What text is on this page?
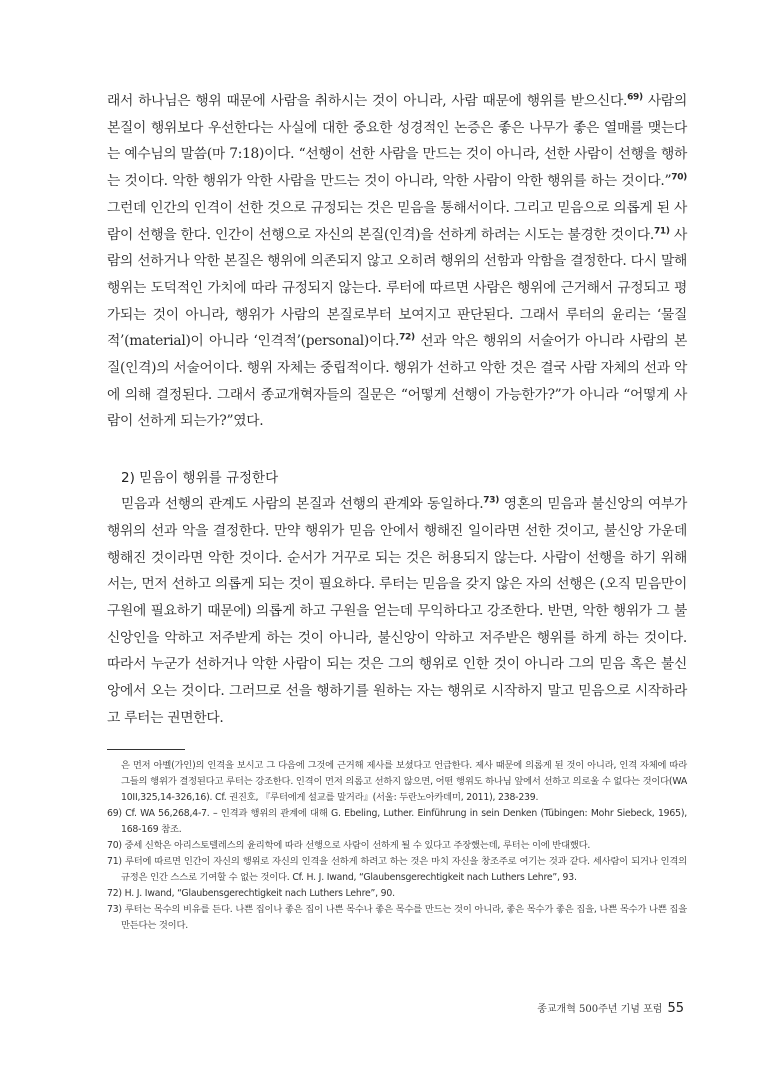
래서 하나님은 행위 때문에 사람을 취하시는 것이 아니라, 사람 때문에 행위를 받으신다.$^{69)}$ 사람의 본질이 행위보다 우선한다는 사실에 대한 중요한 성경적인 논증은 좋은 나무가 좋은 열매를 맺는다는 예수님의 말씀(마 7:18)이다. “선행이 선한 사람을 만드는 것이 아니라, 선한 사람이 선행을 행하는 것이다. 악한 행위가 악한 사람을 만드는 것이 아니라, 악한 사람이 악한 행위를 하는 것이다.”$^{70)}$ 그런데 인간의 인격이 선한 것으로 규정되는 것은 믿음을 통해서이다. 그리고 믿음으로 의롭게 된 사람이 선행을 한다. 인간이 선행으로 자신의 본질(인격)을 선하게 하려는 시도는 불경한 것이다.$^{71)}$ 사람의 선하거나 악한 본질은 행위에 의존되지 않고 오히려 행위의 선함과 악함을 결정한다. 다시 말해 행위는 도덕적인 가치에 따라 규정되지 않는다. 루터에 따르면 사람은 행위에 근거해서 규정되고 평가되는 것이 아니라, 행위가 사람의 본질로부터 보여지고 판단된다. 그래서 루터의 윤리는 ‘물질적’(material)이 아니라 ‘인격적’(personal)이다.$^{72)}$ 선과 악은 행위의 서술어가 아니라 사람의 본질(인격)의 서술어이다. 행위 자체는 중립적이다. 행위가 선하고 악한 것은 결국 사람 자체의 선과 악에 의해 결정된다. 그래서 종교개혁자들의 질문은 “어떻게 선행이 가능한가?”가 아니라 “어떻게 사람이 선하게 되는가?”였다.

2) 믿음이 행위를 규정한다

믿음과 선행의 관계도 사람의 본질과 선행의 관계와 동일하다.$^{73)}$ 영혼의 믿음과 불신앙의 여부가 행위의 선과 악을 결정한다. 만약 행위가 믿음 안에서 행해진 일이라면 선한 것이고, 불신앙 가운데 행해진 것이라면 악한 것이다. 순서가 거꾸로 되는 것은 허용되지 않는다. 사람이 선행을 하기 위해서는, 먼저 선하고 의롭게 되는 것이 필요하다. 루터는 믿음을 갖지 않은 자의 선행은 (오직 믿음만이 구원에 필요하기 때문에) 의롭게 하고 구원을 얻는데 무익하다고 강조한다. 반면, 악한 행위가 그 불신앙인을 악하고 저주받게 하는 것이 아니라, 불신앙이 악하고 저주받은 행위를 하게 하는 것이다. 따라서 누군가 선하거나 악한 사람이 되는 것은 그의 행위로 인한 것이 아니라 그의 믿음 혹은 불신앙에서 오는 것이다. 그러므로 선을 행하기를 원하는 자는 행위로 시작하지 말고 믿음으로 시작하라고 루터는 권면한다.

은 먼저 아벨(가인)의 인격을 보시고 그 다음에 그것에 근거해 제사를 보셨다고 언급한다. 제사 때문에 의롭게 된 것이 아니라, 인격 자체에 따라 그들의 행위가 결정된다고 루터는 강조한다. 인격이 먼저 의롭고 선하지 않으면, 어떤 행위도 하나님 앞에서 선하고 의로울 수 없다는 것이다(WA 10II,325,14-326,16). Cf. 권진호, 『루터에게 설교를 말거라』(서울: 두란노아카데미, 2011), 238-239.

69) Cf. WA 56,268,4-7. – 인격과 행위의 관계에 대해 G. Ebeling, Luther. Einführung in sein Denken (Tübingen: Mohr Siebeck, 1965), 168-169 참조.

70) 중세 신학은 아리스토텔레스의 윤리학에 따라 선행으로 사람이 선하게 될 수 있다고 주장했는데, 루터는 이에 반대했다.

71) 루터에 따르면 인간이 자신의 행위로 자신의 인격을 선하게 하려고 하는 것은 마치 자신을 창조주로 여기는 것과 같다. 세사람이 되거나 인격의 규정은 인간 스스로 기여할 수 없는 것이다. Cf. H. J. Iwand, “Glaubensgerechtigkeit nach Luthers Lehre”, 93.

72) H. J. Iwand, “Glaubensgerechtigkeit nach Luthers Lehre”, 90.

73) 루터는 목수의 비유를 든다. 나쁜 집이나 좋은 집이 나쁜 목수나 좋은 목수를 만드는 것이 아니라, 좋은 목수가 좋은 집을, 나쁜 목수가 나쁜 집을 만든다는 것이다.

종교개혁 500주년 기념 포럼 55
